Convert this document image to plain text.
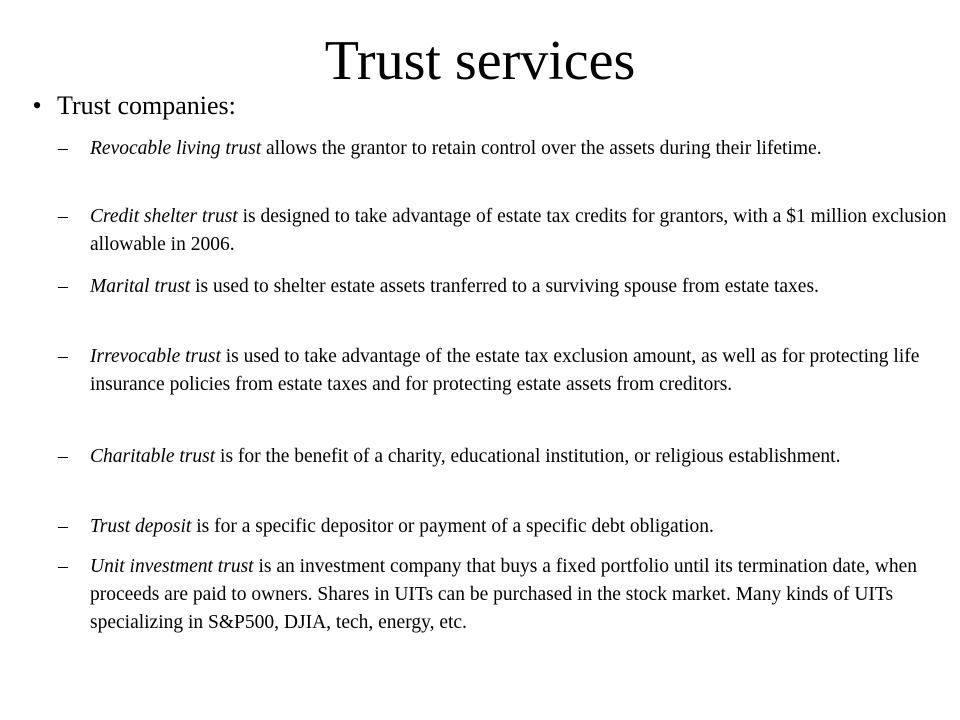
Trust services
• Trust companies:
–	Revocable living trust allows the grantor to retain control over the assets during their lifetime.
–	Credit shelter trust is designed to take advantage of estate tax credits for grantors, with a $1 million exclusion allowable in 2006.
–	Marital trust is used to shelter estate assets tranferred to a surviving spouse from estate taxes.
–	Irrevocable trust is used to take advantage of the estate tax exclusion amount, as well as for protecting life insurance policies from estate taxes and for protecting estate assets from creditors.
–	Charitable trust is for the benefit of a charity, educational institution, or religious establishment.
–	Trust deposit is for a specific depositor or payment of a specific debt obligation.
–	Unit investment trust is an investment company that buys a fixed portfolio until its termination date, when proceeds are paid to owners. Shares in UITs can be purchased in the stock market. Many kinds of UITs specializing in S&P500, DJIA, tech, energy, etc.
